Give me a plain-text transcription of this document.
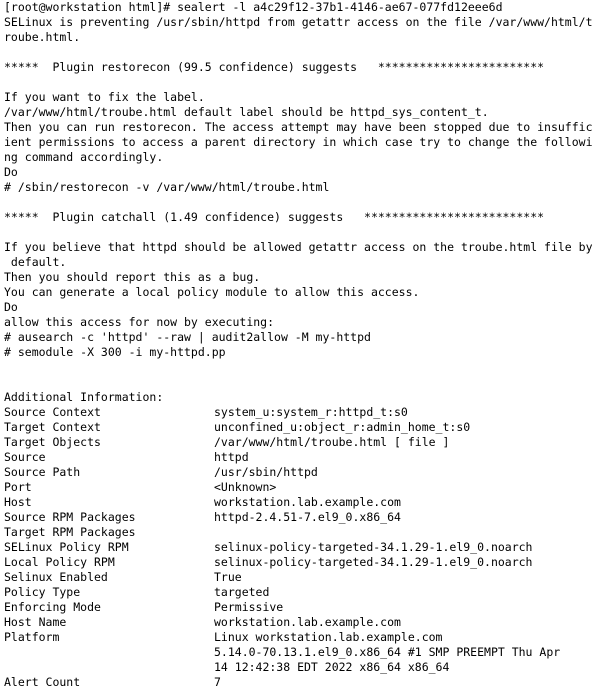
[root@workstation html]# sealert -l a4c29f12-37b1-4146-ae67-077fd12eee6d
SELinux is preventing /usr/sbin/httpd from getattr access on the file /var/www/html/t
roube.html.
*****  Plugin restorecon (99.5 confidence) suggests   ************************
If you want to fix the label.
/var/www/html/troube.html default label should be httpd_sys_content_t.
Then you can run restorecon. The access attempt may have been stopped due to insuffic
ient permissions to access a parent directory in which case try to change the followi
ng command accordingly.
Do
# /sbin/restorecon -v /var/www/html/troube.html
*****  Plugin catchall (1.49 confidence) suggests   **************************
If you believe that httpd should be allowed getattr access on the troube.html file by
default.
Then you should report this as a bug.
You can generate a local policy module to allow this access.
Do
allow this access for now by executing:
# ausearch -c 'httpd' --raw | audit2allow -M my-httpd
# semodule -X 300 -i my-httpd.pp
Additional Information:
Source Context	system_u:system_r:httpd_t:s0
Target Context	unconfined_u:object_r:admin_home_t:s0
Target Objects	/var/www/html/troube.html [ file ]
Source	httpd
Source Path	/usr/sbin/httpd
Port	<Unknown>
Host	workstation.lab.example.com
Source RPM Packages	httpd-2.4.51-7.el9_0.x86_64
Target RPM Packages
SELinux Policy RPM	selinux-policy-targeted-34.1.29-1.el9_0.noarch
Local Policy RPM	selinux-policy-targeted-34.1.29-1.el9_0.noarch
Selinux Enabled	True
Policy Type	targeted
Enforcing Mode	Permissive
Host Name	workstation.lab.example.com
Platform	Linux workstation.lab.example.com
5.14.0-70.13.1.el9_0.x86_64 #1 SMP PREEMPT Thu Apr
14 12:42:38 EDT 2022 x86_64 x86_64
Alert Count	7
